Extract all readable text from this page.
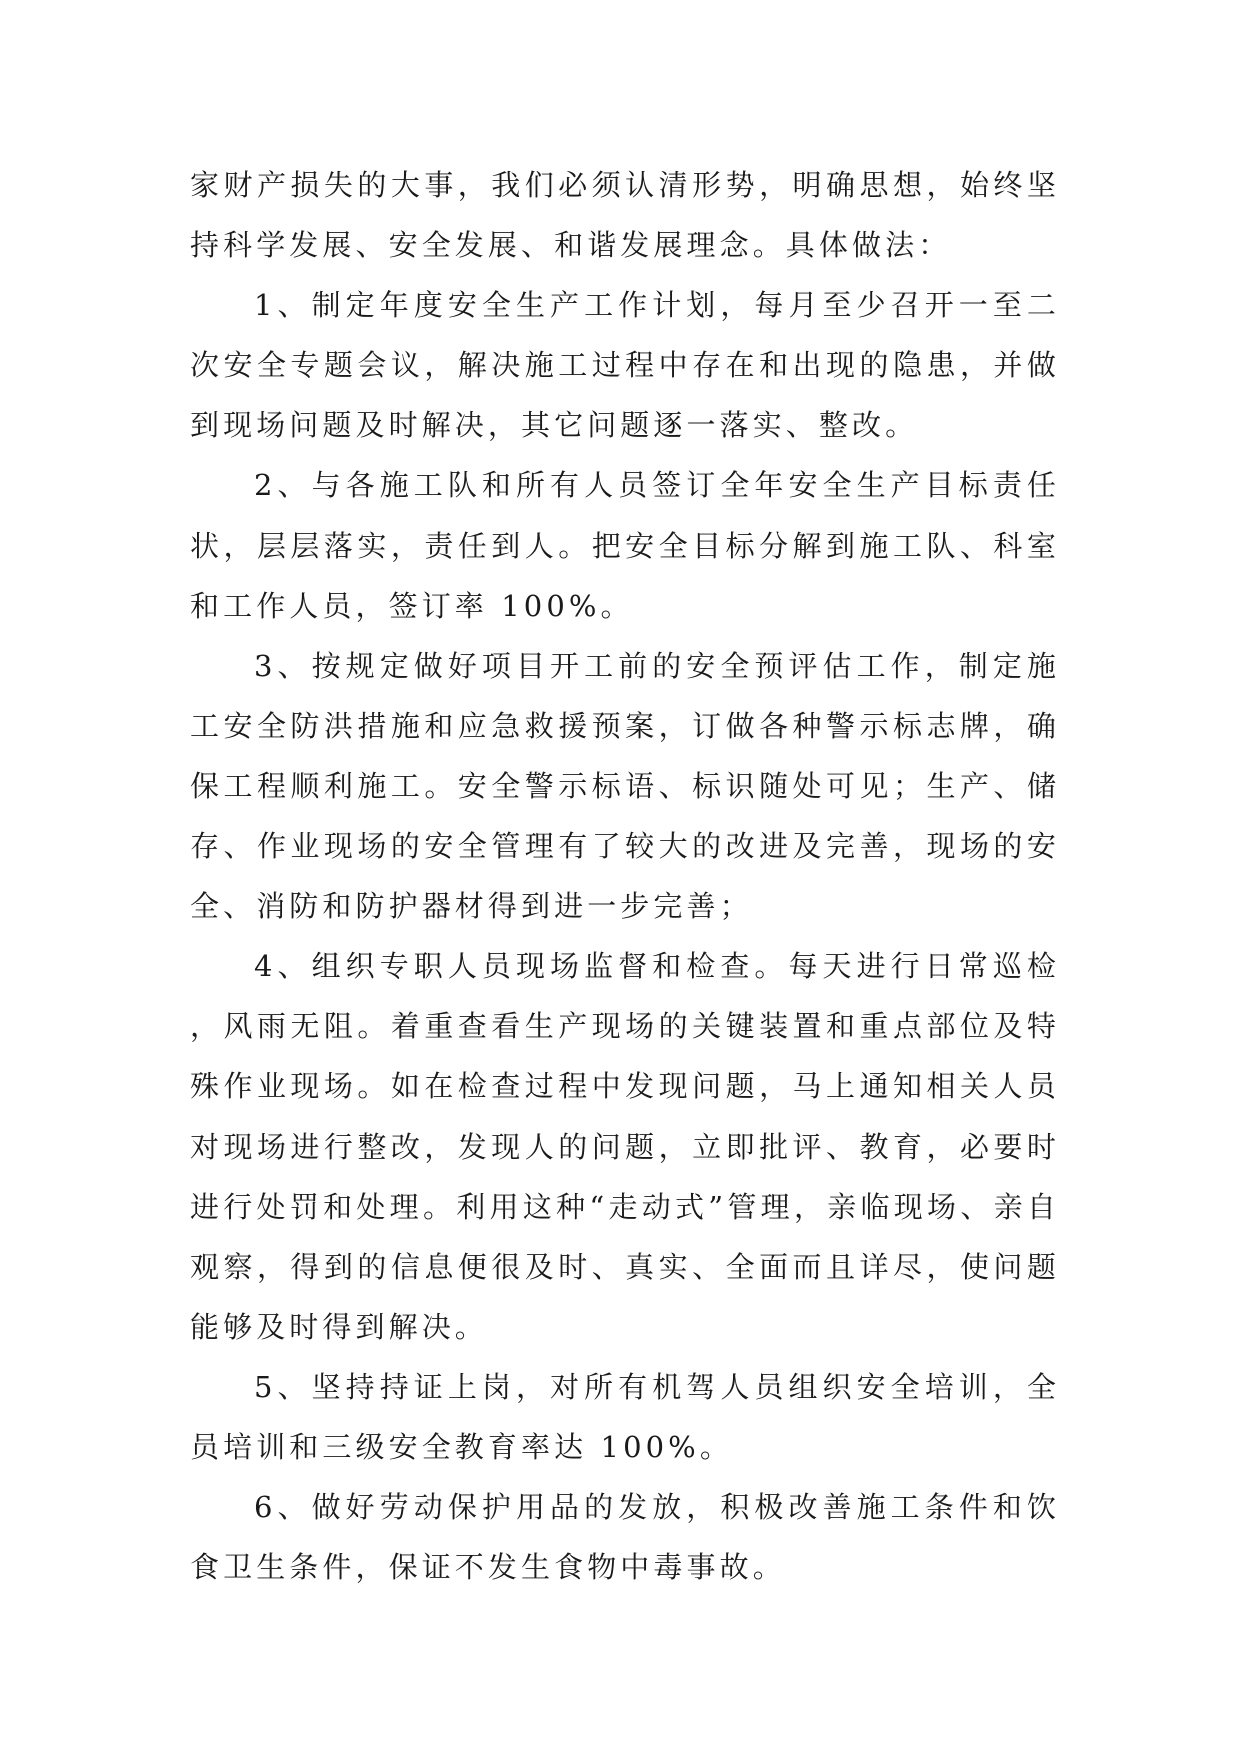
家财产损失的大事，我们必须认清形势，明确思想，始终坚持科学发展、安全发展、和谐发展理念。具体做法：

1、制定年度安全生产工作计划，每月至少召开一至二次安全专题会议，解决施工过程中存在和出现的隐患，并做到现场问题及时解决，其它问题逐一落实、整改。

2、与各施工队和所有人员签订全年安全生产目标责任状，层层落实，责任到人。把安全目标分解到施工队、科室和工作人员，签订率 100%。

3、按规定做好项目开工前的安全预评估工作，制定施工安全防洪措施和应急救援预案，订做各种警示标志牌，确保工程顺利施工。安全警示标语、标识随处可见；生产、储存、作业现场的安全管理有了较大的改进及完善，现场的安全、消防和防护器材得到进一步完善；

4、组织专职人员现场监督和检查。每天进行日常巡检，风雨无阻。着重查看生产现场的关键装置和重点部位及特殊作业现场。如在检查过程中发现问题，马上通知相关人员对现场进行整改，发现人的问题，立即批评、教育，必要时进行处罚和处理。利用这种“走动式”管理，亲临现场、亲自观察，得到的信息便很及时、真实、全面而且详尽，使问题能够及时得到解决。

5、坚持持证上岗，对所有机驾人员组织安全培训，全员培训和三级安全教育率达 100%。

6、做好劳动保护用品的发放，积极改善施工条件和饮食卫生条件，保证不发生食物中毒事故。
